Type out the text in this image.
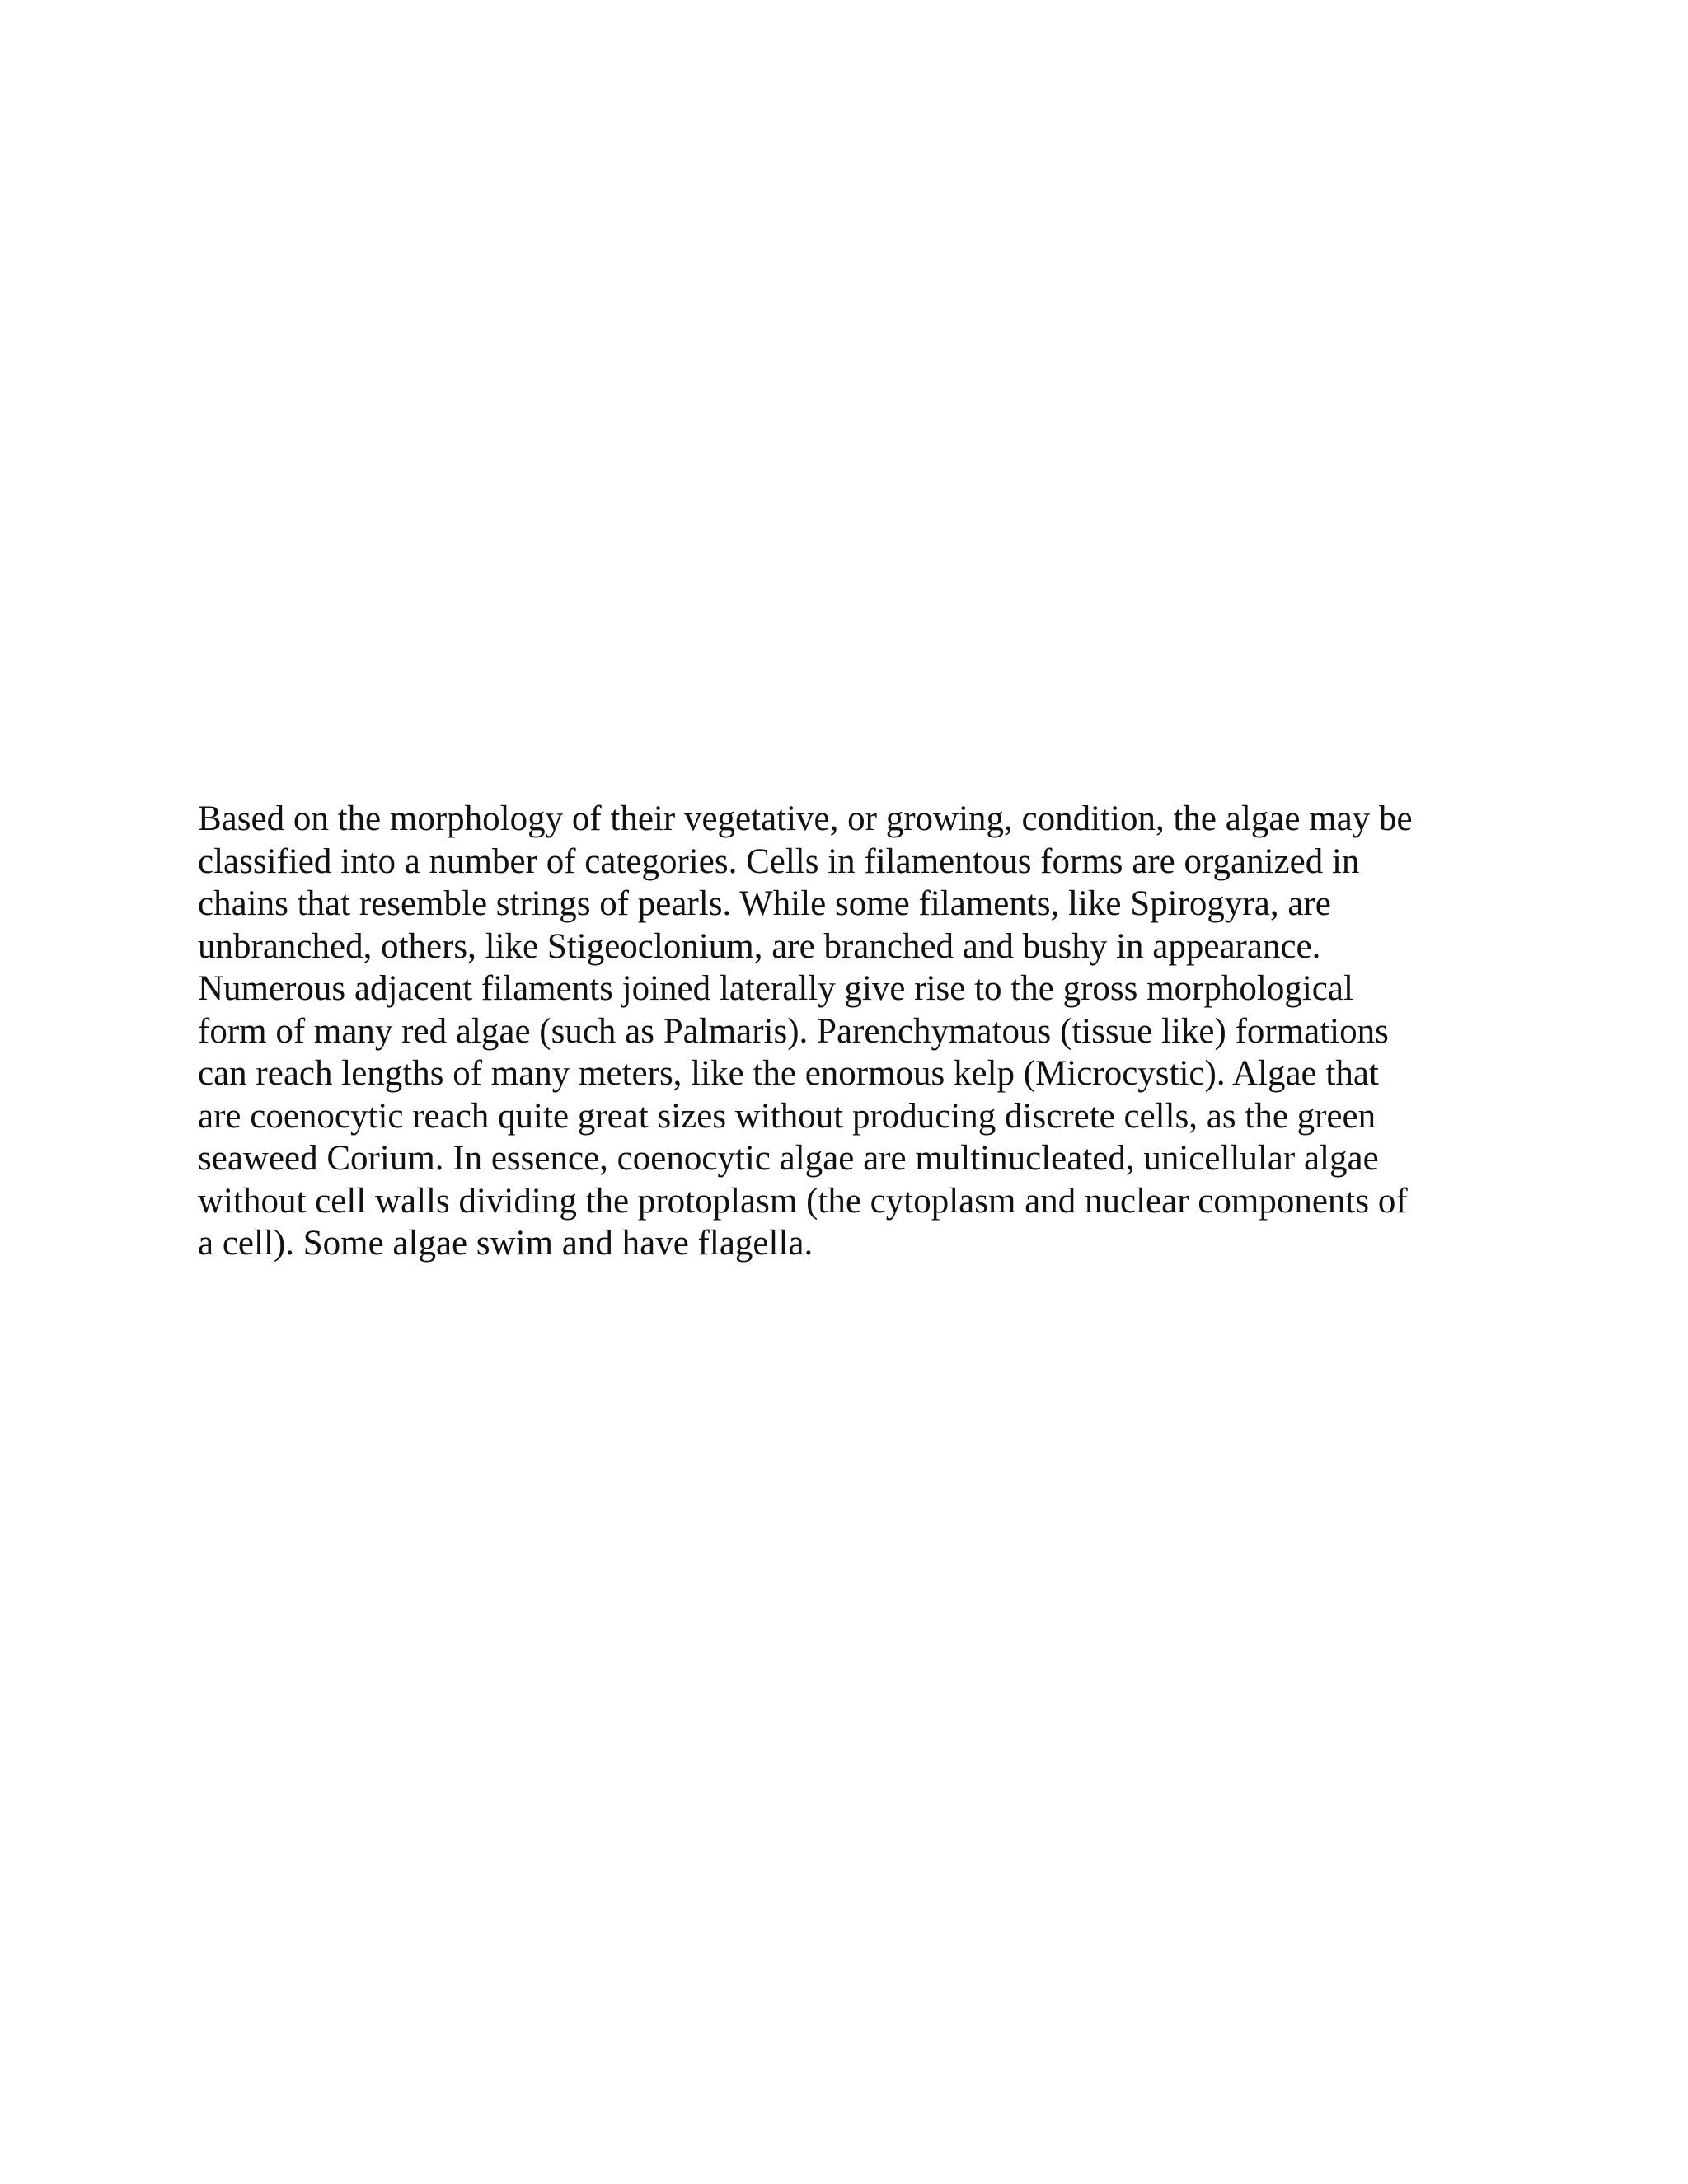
Based on the morphology of their vegetative, or growing, condition, the algae may be
classified into a number of categories. Cells in filamentous forms are organized in
chains that resemble strings of pearls. While some filaments, like Spirogyra, are
unbranched, others, like Stigeoclonium, are branched and bushy in appearance.
Numerous adjacent filaments joined laterally give rise to the gross morphological
form of many red algae (such as Palmaris). Parenchymatous (tissue like) formations
can reach lengths of many meters, like the enormous kelp (Microcystic). Algae that
are coenocytic reach quite great sizes without producing discrete cells, as the green
seaweed Corium. In essence, coenocytic algae are multinucleated, unicellular algae
without cell walls dividing the protoplasm (the cytoplasm and nuclear components of
a cell). Some algae swim and have flagella.
